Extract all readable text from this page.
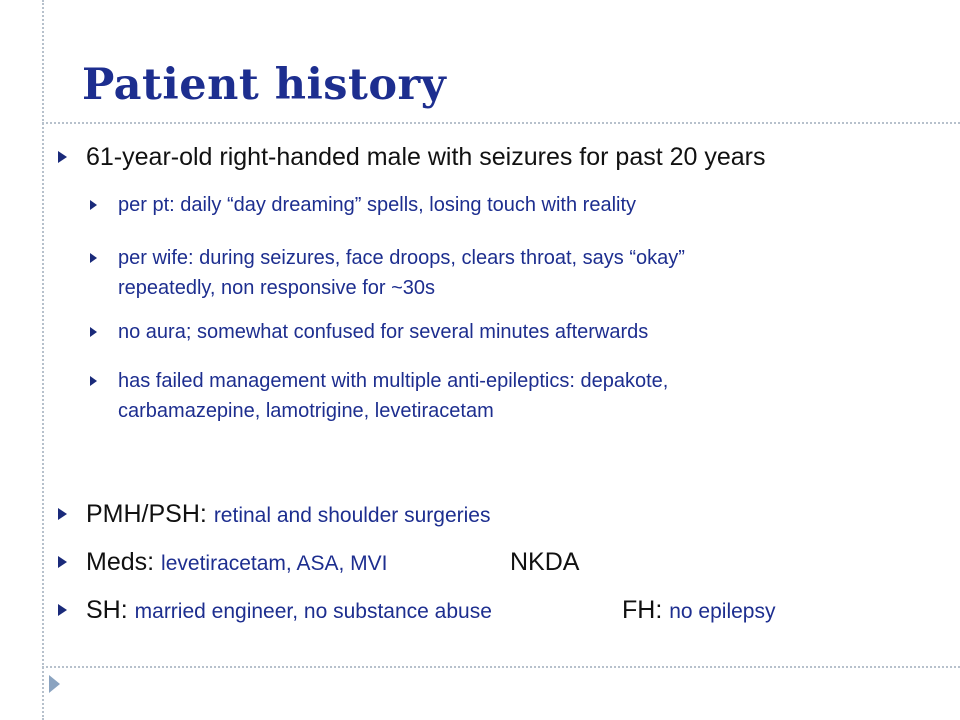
Patient history
61-year-old right-handed male with seizures for past 20 years
per pt: daily “day dreaming” spells, losing touch with reality
per wife: during seizures, face droops, clears throat, says “okay”
repeatedly, non responsive for ~30s
no aura; somewhat confused for several minutes afterwards
has failed management with multiple anti-epileptics: depakote,
carbamazepine, lamotrigine, levetiracetam
PMH/PSH: retinal and shoulder surgeries
Meds: levetiracetam, ASA, MVI	NKDA
SH: married engineer, no substance abuse	FH: no epilepsy
